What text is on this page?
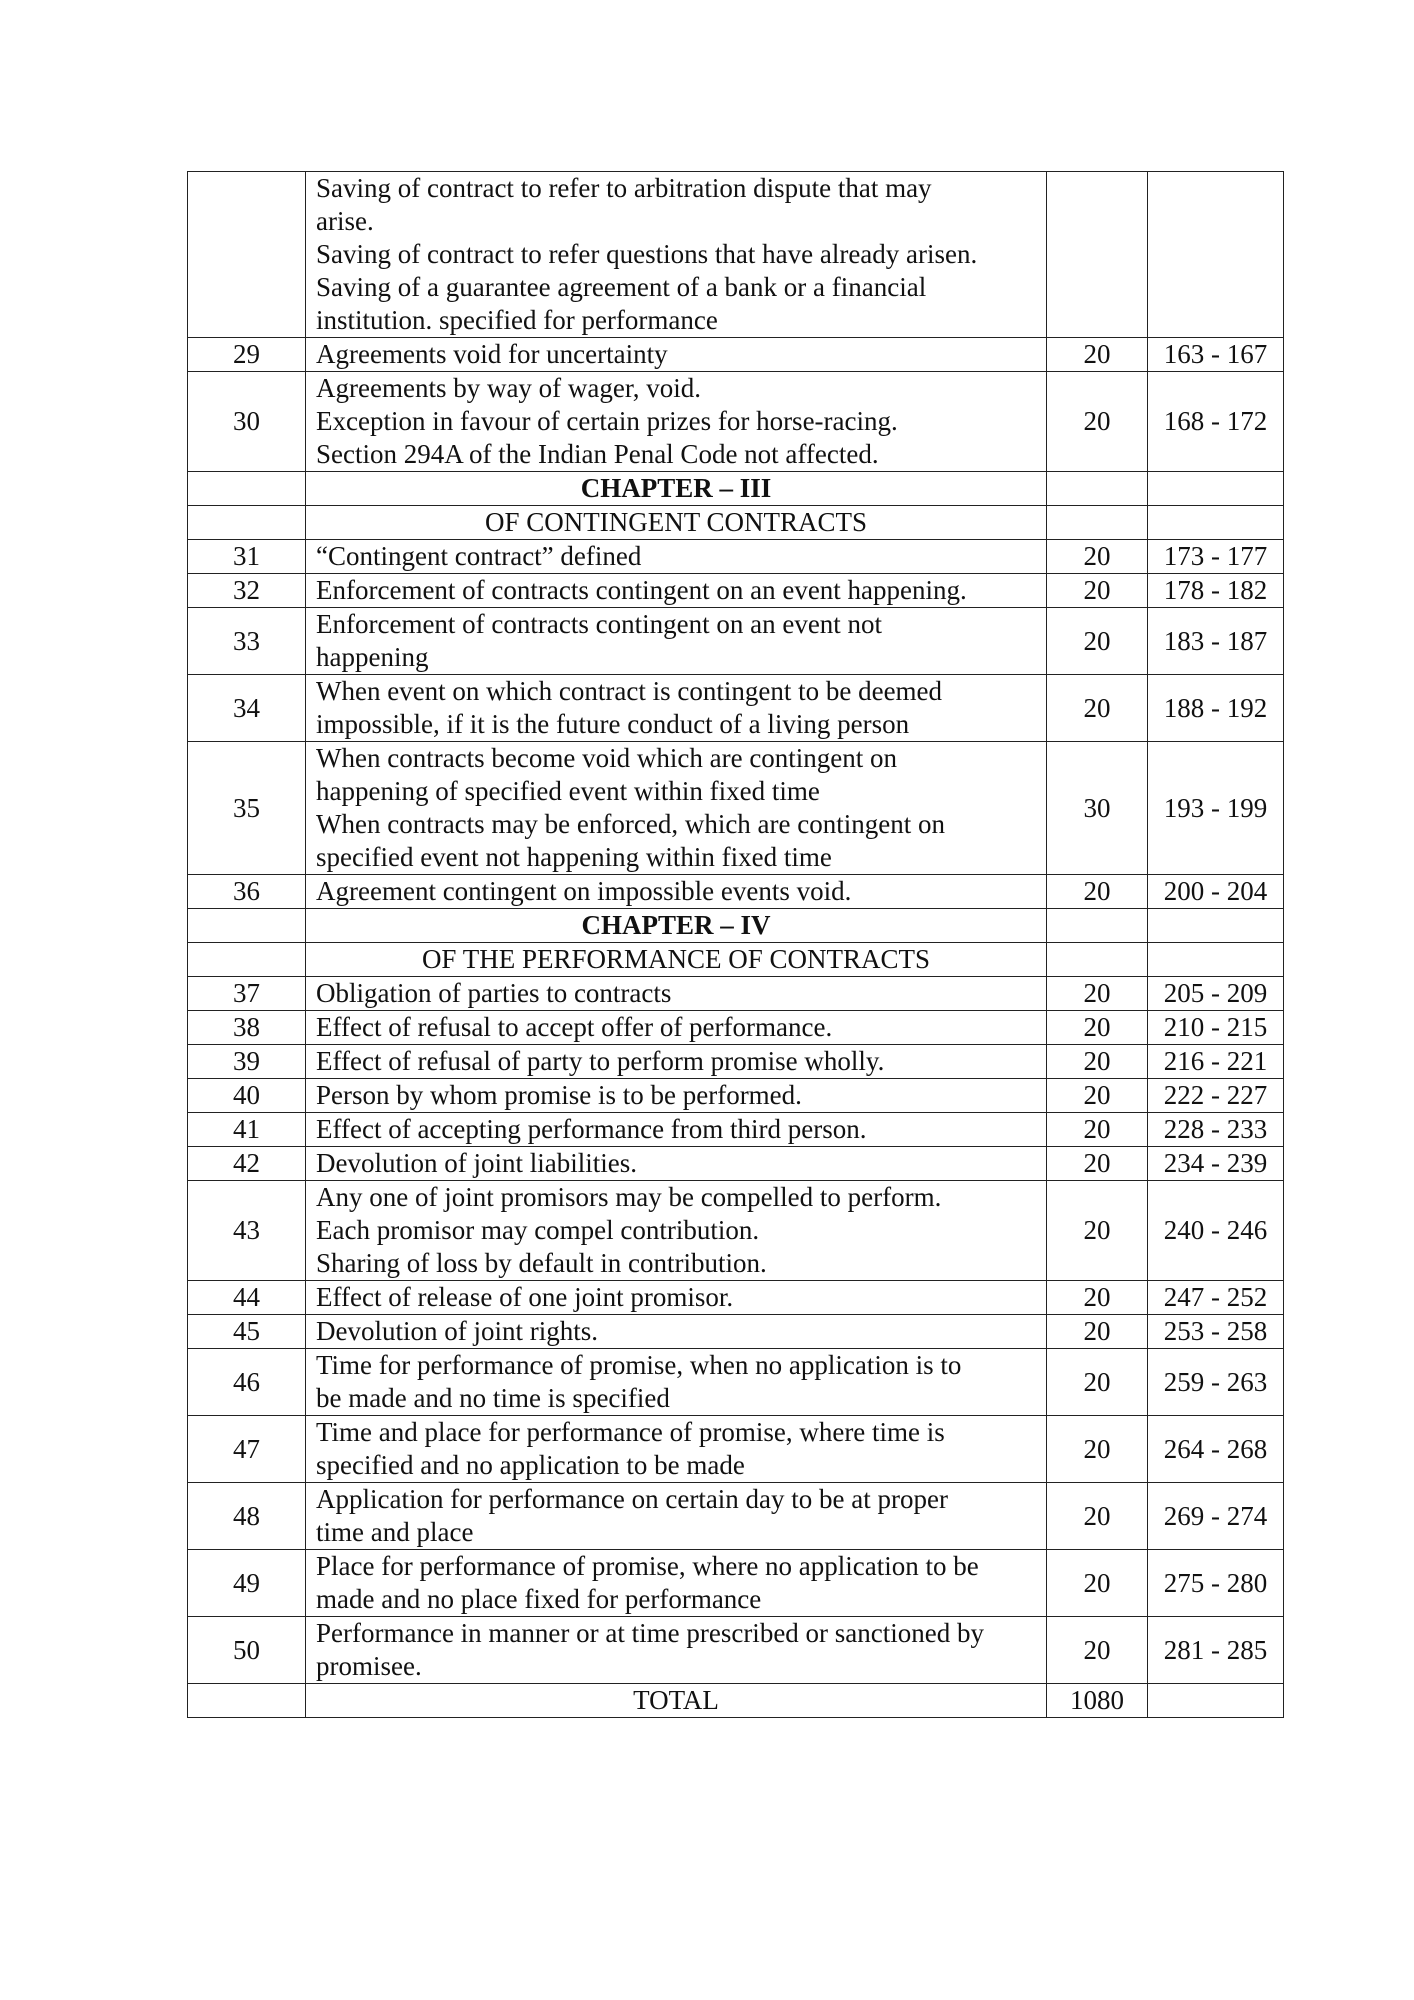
	Saving of contract to refer to arbitration dispute that may
arise.
Saving of contract to refer questions that have already arisen.
Saving of a guarantee agreement of a bank or a financial
institution. specified for performance		

29	Agreements void for uncertainty	20	163 - 167
30	Agreements by way of wager, void.
Exception in favour of certain prizes for horse-racing.
Section 294A of the Indian Penal Code not affected.	20	168 - 172
	CHAPTER – III		
	OF CONTINGENT CONTRACTS		
31	“Contingent contract” defined	20	173 - 177
32	Enforcement of contracts contingent on an event happening.	20	178 - 182
33	Enforcement of contracts contingent on an event not
happening	20	183 - 187
34	When event on which contract is contingent to be deemed
impossible, if it is the future conduct of a living person	20	188 - 192
35	When contracts become void which are contingent on
happening of specified event within fixed time
When contracts may be enforced, which are contingent on
specified event not happening within fixed time	30	193 - 199
36	Agreement contingent on impossible events void.	20	200 - 204
	CHAPTER – IV		
	OF THE PERFORMANCE OF CONTRACTS		
37	Obligation of parties to contracts	20	205 - 209
38	Effect of refusal to accept offer of performance.	20	210 - 215
39	Effect of refusal of party to perform promise wholly.	20	216 - 221
40	Person by whom promise is to be performed.	20	222 - 227
41	Effect of accepting performance from third person.	20	228 - 233
42	Devolution of joint liabilities.	20	234 - 239
43	Any one of joint promisors may be compelled to perform.
Each promisor may compel contribution.
Sharing of loss by default in contribution.	20	240 - 246
44	Effect of release of one joint promisor.	20	247 - 252
45	Devolution of joint rights.	20	253 - 258
46	Time for performance of promise, when no application is to
be made and no time is specified	20	259 - 263
47	Time and place for performance of promise, where time is
specified and no application to be made	20	264 - 268
48	Application for performance on certain day to be at proper
time and place	20	269 - 274
49	Place for performance of promise, where no application to be
made and no place fixed for performance	20	275 - 280
50	Performance in manner or at time prescribed or sanctioned by
promisee.	20	281 - 285
	TOTAL	1080	
